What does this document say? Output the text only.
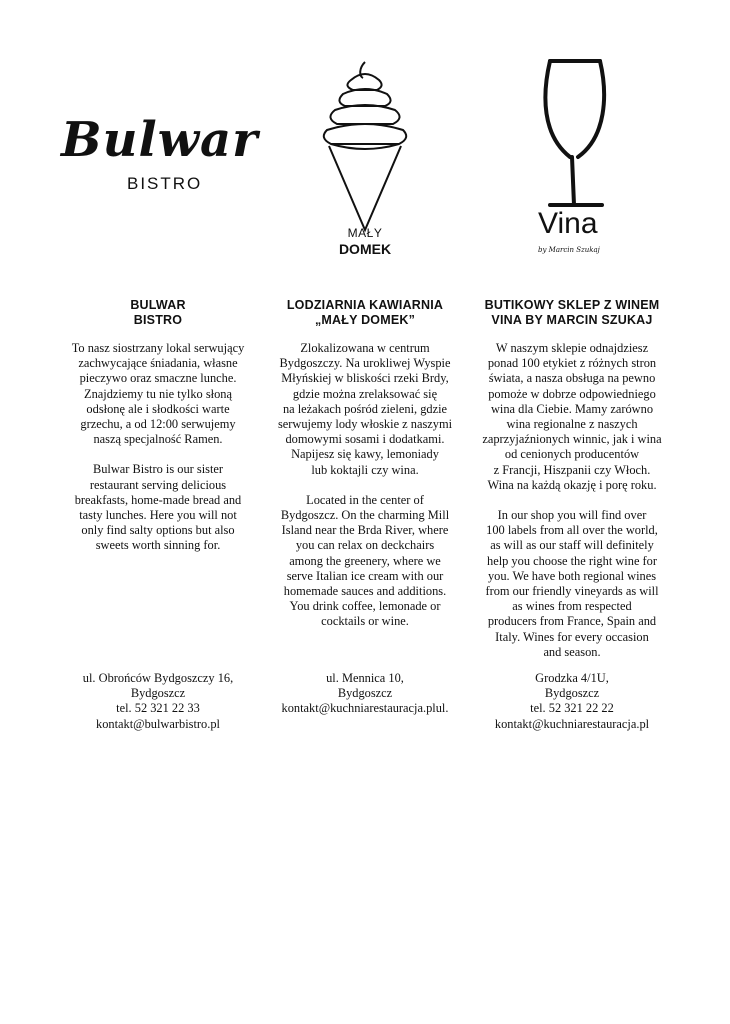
Bulwar
BISTRO
MAŁY
DOMEK
Vina
by Marcin Szukaj
BULWAR
BISTRO
To nasz siostrzany lokal serwujący
zachwycające śniadania, własne
pieczywo oraz smaczne lunche.
Znajdziemy tu nie tylko słoną
odsłonę ale i słodkości warte
grzechu, a od 12:00 serwujemy
naszą specjalność Ramen.
Bulwar Bistro is our sister
restaurant serving delicious
breakfasts, home-made bread and
tasty lunches. Here you will not
only find salty options but also
sweets worth sinning for.
ul. Obrońców Bydgoszczy 16,
Bydgoszcz
tel. 52 321 22 33
kontakt@bulwarbistro.pl
LODZIARNIA KAWIARNIA
„MAŁY DOMEK”
Zlokalizowana w centrum
Bydgoszczy. Na urokliwej Wyspie
Młyńskiej w bliskości rzeki Brdy,
gdzie można zrelaksować się
na leżakach pośród zieleni, gdzie
serwujemy lody włoskie z naszymi
domowymi sosami i dodatkami.
Napijesz się kawy, lemoniady
lub koktajli czy wina.
Located in the center of
Bydgoszcz. On the charming Mill
Island near the Brda River, where
you can relax on deckchairs
among the greenery, where we
serve Italian ice cream with our
homemade sauces and additions.
You drink coffee, lemonade or
cocktails or wine.
ul. Mennica 10,
Bydgoszcz
kontakt@kuchniarestauracja.plul.
BUTIKOWY SKLEP Z WINEM
VINA BY MARCIN SZUKAJ
W naszym sklepie odnajdziesz
ponad 100 etykiet z różnych stron
świata, a nasza obsługa na pewno
pomoże w dobrze odpowiedniego
wina dla Ciebie. Mamy zarówno
wina regionalne z naszych
zaprzyjaźnionych winnic, jak i wina
od cenionych producentów
z Francji, Hiszpanii czy Włoch.
Wina na każdą okazję i porę roku.
In our shop you will find over
100 labels from all over the world,
as will as our staff will definitely
help you choose the right wine for
you. We have both regional wines
from our friendly vineyards as will
as wines from respected
producers from France, Spain and
Italy. Wines for every occasion
and season.
Grodzka 4/1U,
Bydgoszcz
tel. 52 321 22 22
kontakt@kuchniarestauracja.pl
